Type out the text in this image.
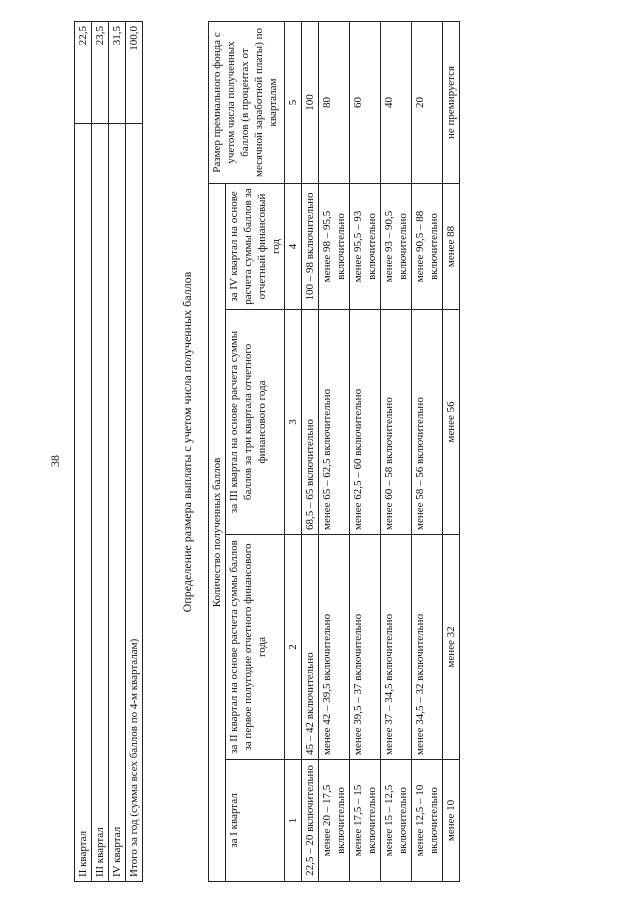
38
II квартал	22,5
III квартал	23,5
IV квартал	31,5
Итого за год (сумма всех баллов по 4-м кварталам)	100,0
Определение размера выплаты с учетом числа полученных баллов Количество полученных баллов				Размер премиального фонда с учетом числа полученных баллов (в процентах от месячной заработной платы) по кварталам
за I квартал	за II квартал на основе расчета суммы баллов за первое полугодие отчетного финансового года	за III квартал на основе расчета суммы баллов за три квартала отчетного финансового года	за IV квартал на основе расчета суммы баллов за отчетный финансовый год	
1	2	3	4	5
22,5 – 20 включительно	45 – 42 включительно	68,5 – 65 включительно	100 – 98 включительно	100
менее 20 – 17,5 включительно	менее 42 – 39,5 включительно	менее 65 – 62,5 включительно	менее 98 – 95,5 включительно	80
менее 17,5 – 15 включительно	менее 39,5 – 37 включительно	менее 62,5 – 60 включительно	менее 95,5 – 93 включительно	60
менее 15 – 12,5 включительно	менее 37 – 34,5 включительно	менее 60 – 58 включительно	менее 93 – 90,5 включительно	40
менее 12,5 – 10 включительно	менее 34,5 – 32 включительно	менее 58 – 56 включительно	менее 90,5 – 88 включительно	20
менее 10	менее 32	менее 56	менее 88	не премируется
